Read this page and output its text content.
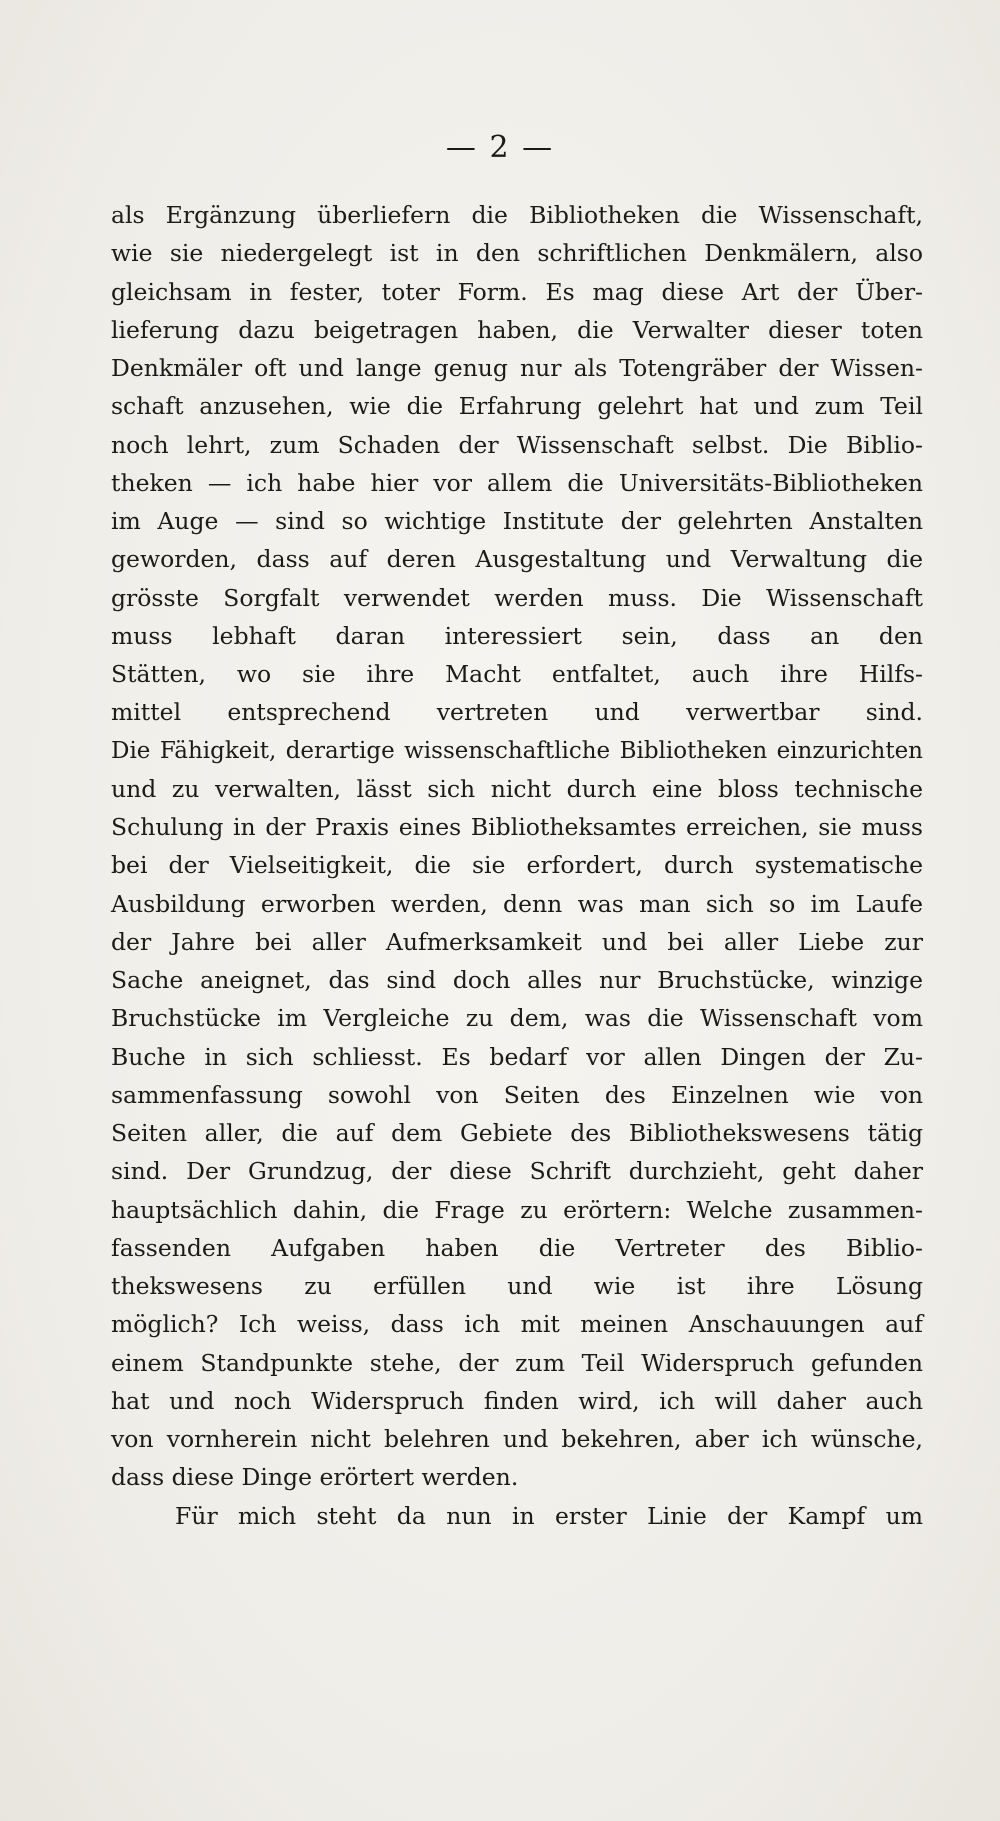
— 2 —
als Ergänzung überliefern die Bibliotheken die Wissenschaft,
wie sie niedergelegt ist in den schriftlichen Denkmälern, also
gleichsam in fester, toter Form. Es mag diese Art der Über-
lieferung dazu beigetragen haben, die Verwalter dieser toten
Denkmäler oft und lange genug nur als Totengräber der Wissen-
schaft anzusehen, wie die Erfahrung gelehrt hat und zum Teil
noch lehrt, zum Schaden der Wissenschaft selbst. Die Biblio-
theken — ich habe hier vor allem die Universitäts-Bibliotheken
im Auge — sind so wichtige Institute der gelehrten Anstalten
geworden, dass auf deren Ausgestaltung und Verwaltung die
grösste Sorgfalt verwendet werden muss. Die Wissenschaft
muss lebhaft daran interessiert sein, dass an den
Stätten, wo sie ihre Macht entfaltet, auch ihre Hilfs-
mittel entsprechend vertreten und verwertbar sind.
Die Fähigkeit, derartige wissenschaftliche Bibliotheken einzurichten
und zu verwalten, lässt sich nicht durch eine bloss technische
Schulung in der Praxis eines Bibliotheksamtes erreichen, sie muss
bei der Vielseitigkeit, die sie erfordert, durch systematische
Ausbildung erworben werden, denn was man sich so im Laufe
der Jahre bei aller Aufmerksamkeit und bei aller Liebe zur
Sache aneignet, das sind doch alles nur Bruchstücke, winzige
Bruchstücke im Vergleiche zu dem, was die Wissenschaft vom
Buche in sich schliesst. Es bedarf vor allen Dingen der Zu-
sammenfassung sowohl von Seiten des Einzelnen wie von
Seiten aller, die auf dem Gebiete des Bibliothekswesens tätig
sind. Der Grundzug, der diese Schrift durchzieht, geht daher
hauptsächlich dahin, die Frage zu erörtern: Welche zusammen-
fassenden Aufgaben haben die Vertreter des Biblio-
thekswesens zu erfüllen und wie ist ihre Lösung
möglich? Ich weiss, dass ich mit meinen Anschauungen auf
einem Standpunkte stehe, der zum Teil Widerspruch gefunden
hat und noch Widerspruch finden wird, ich will daher auch
von vornherein nicht belehren und bekehren, aber ich wünsche,
dass diese Dinge erörtert werden.
Für mich steht da nun in erster Linie der Kampf um
